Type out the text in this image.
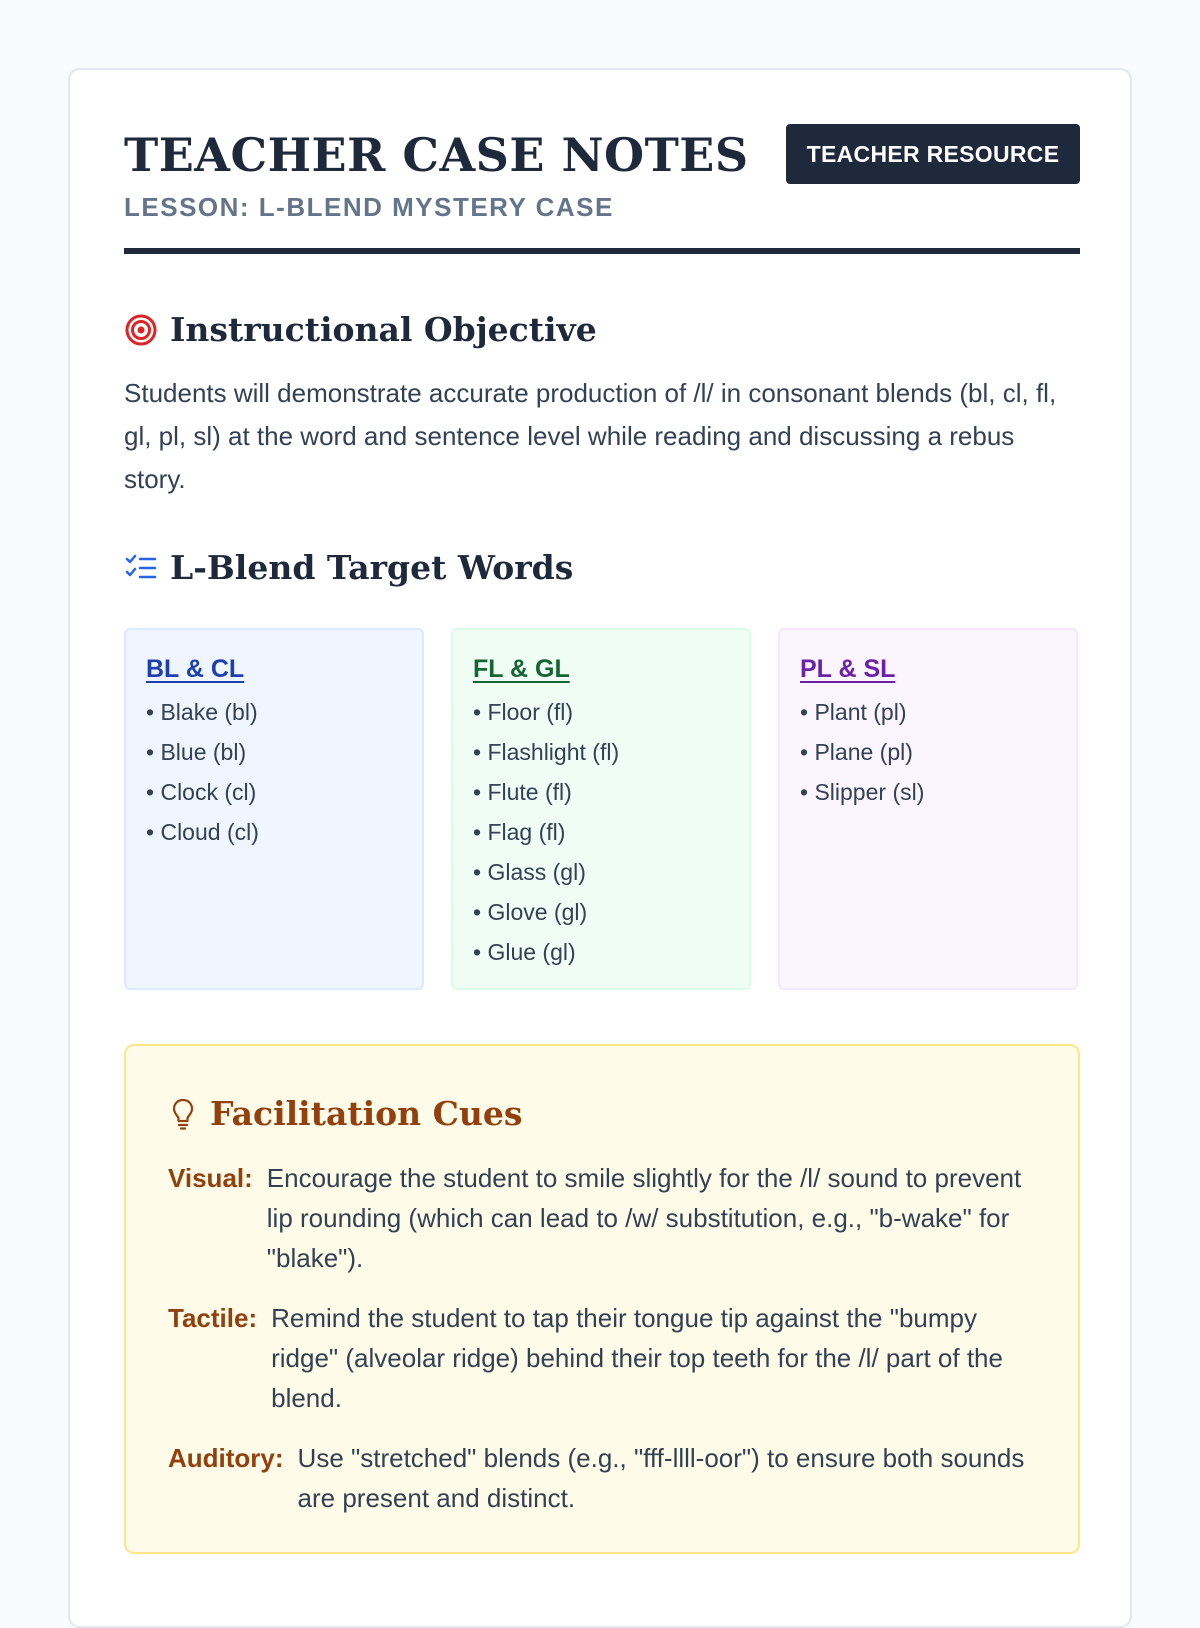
TEACHER CASE NOTES
LESSON: L-BLEND MYSTERY CASE
TEACHER RESOURCE
Instructional Objective

Students will demonstrate accurate production of /l/ in consonant blends (bl, cl, fl, gl, pl, sl) at the word and sentence level while reading and discussing a rebus story.

L-Blend Target Words
BL & CL
• Blake (bl)
• Blue (bl)
• Clock (cl)
• Cloud (cl)
FL & GL
• Floor (fl)
• Flashlight (fl)
• Flute (fl)
• Flag (fl)
• Glass (gl)
• Glove (gl)
• Glue (gl)
PL & SL
• Plant (pl)
• Plane (pl)
• Slipper (sl)
Facilitation Cues
Visual: Encourage the student to smile slightly for the /l/ sound to prevent lip rounding (which can lead to /w/ substitution, e.g., "b-wake" for "blake").
Tactile: Remind the student to tap their tongue tip against the "bumpy ridge" (alveolar ridge) behind their top teeth for the /l/ part of the blend.
Auditory: Use "stretched" blends (e.g., "fff-llll-oor") to ensure both sounds are present and distinct.
